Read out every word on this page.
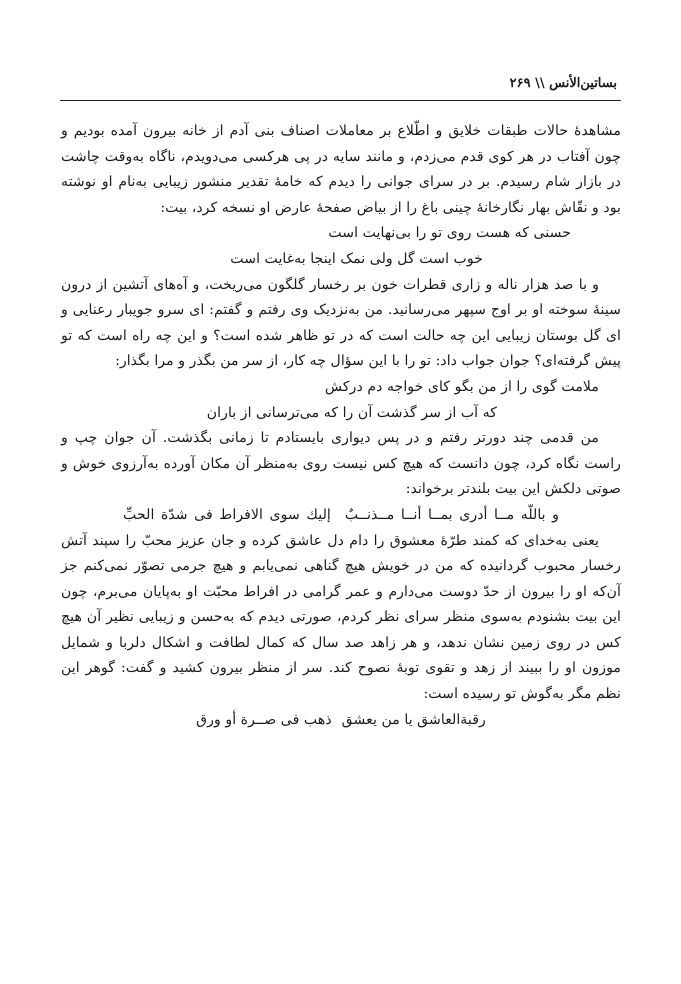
بساتین‌الأنس \\ ۲۶۹

مشاهدهٔ حالات طبقات خلایق و اطّلاع بر معاملات اصناف بنی آدم از خانه بیرون آمده بودیم و چون آفتاب در هر کوی قدم می‌زدم، و مانند سایه در پی هرکسی می‌دویدم، ناگاه به‌وقت چاشت در بازار شام رسیدم. بر در سرای جوانی را دیدم که خامهٔ تقدیر منشور زیبایی به‌نام او نوشته بود و نقّاش بهار نگارخانهٔ چینی باغ را از بیاض صفحهٔ عارض او نسخه کرد، بیت:

حسنی که هست روی تو را بی‌نهایت است

خوب است گل ولی نمک اینجا به‌غایت است

و با صد هزار ناله و زاری قطرات خون بر رخسار گلگون می‌ریخت، و آه‌های آتشین از درون سینهٔ سوخته او بر اوج سپهر می‌رسانید. من به‌نزدیک وی رفتم و گفتم: ای سرو جویبار رعنایی و ای گل بوستان زیبایی این چه حالت است که در تو ظاهر شده است؟ و این چه راه است که تو پیش گرفته‌ای؟ جوان جواب داد: تو را با این سؤال چه کار، از سر من بگذر و مرا بگذار:

ملامت گوی را از من بگو کای خواجه دم درکش

که آب از سر گذشت آن را که می‌ترسانی از باران

من قدمی چند دورتر رفتم و در پس دیواری بایستادم تا زمانی بگذشت. آن جوان چپ و راست نگاه کرد، چون دانست که هیچ کس نیست روی به‌منظر آن مکان آورده به‌آرزوی خوش و صوتی دلکش این بیت بلندتر برخواند:

و باللّه مــا أدری بمــا أنــا مــذنــبٌإلیك سوی الافراط فی شدّة الحبِّ

یعنی به‌خدای که کمند طرّهٔ معشوق را دام دل عاشق کرده و جان عزیز محبّ را سپند آتش رخسار محبوب گردانیده که من در خویش هیچ گناهی نمی‌یابم و هیچ جرمی تصوّر نمی‌کنم جز آن‌که او را بیرون از حدّ دوست می‌دارم و عمر گرامی در افراط محبّت او به‌پایان می‌برم، چون این بیت بشنودم به‌سوی منظر سرای نظر کردم، صورتی دیدم که به‌حسن و زیبایی نظیر آن هیچ کس در روی زمین نشان ندهد، و هر زاهد صد سال که کمال لطافت و اشکال دلربا و شمایل موزون او را ببیند از زهد و تقوی توبهٔ نصوح کند. سر از منظر بیرون کشید و گفت: گوهر این نظم مگر به‌گوش تو رسیده است:

رقبة‌العاشق یا من یعشقذهب فی صــرة أو ورق
